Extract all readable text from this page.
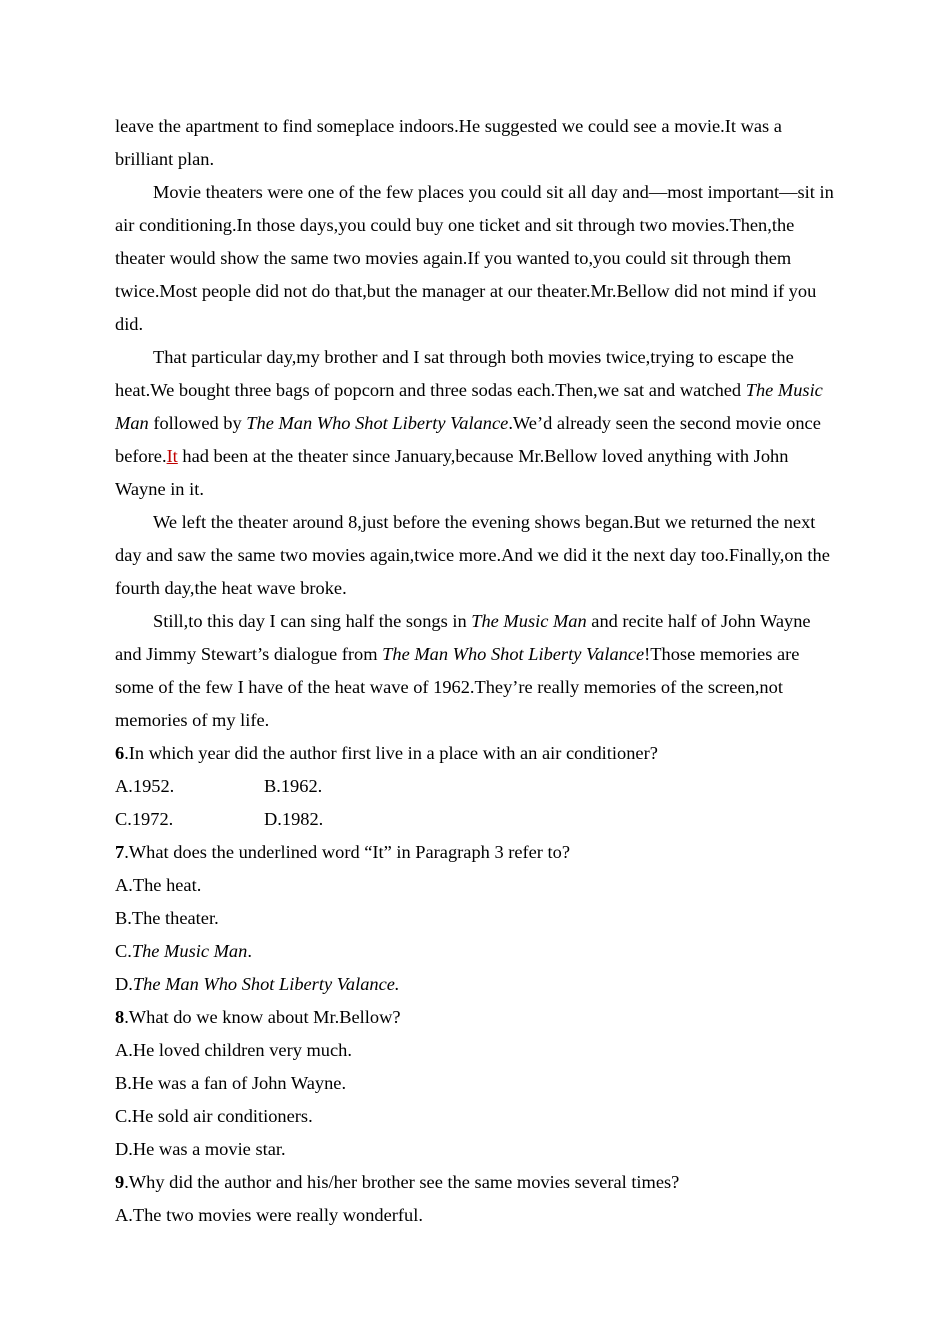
leave the apartment to find someplace indoors.He suggested we could see a movie.It was a brilliant plan.

Movie theaters were one of the few places you could sit all day and—most important—sit in air conditioning.In those days,you could buy one ticket and sit through two movies.Then,the theater would show the same two movies again.If you wanted to,you could sit through them twice.Most people did not do that,but the manager at our theater.Mr.Bellow did not mind if you did.

That particular day,my brother and I sat through both movies twice,trying to escape the heat.We bought three bags of popcorn and three sodas each.Then,we sat and watched The Music Man followed by The Man Who Shot Liberty Valance.We’d already seen the second movie once before.It had been at the theater since January,because Mr.Bellow loved anything with John Wayne in it.

We left the theater around 8,just before the evening shows began.But we returned the next day and saw the same two movies again,twice more.And we did it the next day too.Finally,on the fourth day,the heat wave broke.

Still,to this day I can sing half the songs in The Music Man and recite half of John Wayne and Jimmy Stewart’s dialogue from The Man Who Shot Liberty Valance!Those memories are some of the few I have of the heat wave of 1962.They’re really memories of the screen,not memories of my life.

6.In which year did the author first live in a place with an air conditioner?

A.1952.	B.1962.
C.1972.	D.1982.

7.What does the underlined word “It” in Paragraph 3 refer to?

A.The heat.

B.The theater.

C.The Music Man.

D.The Man Who Shot Liberty Valance.

8.What do we know about Mr.Bellow?

A.He loved children very much.

B.He was a fan of John Wayne.

C.He sold air conditioners.

D.He was a movie star.

9.Why did the author and his/her brother see the same movies several times?

A.The two movies were really wonderful.
